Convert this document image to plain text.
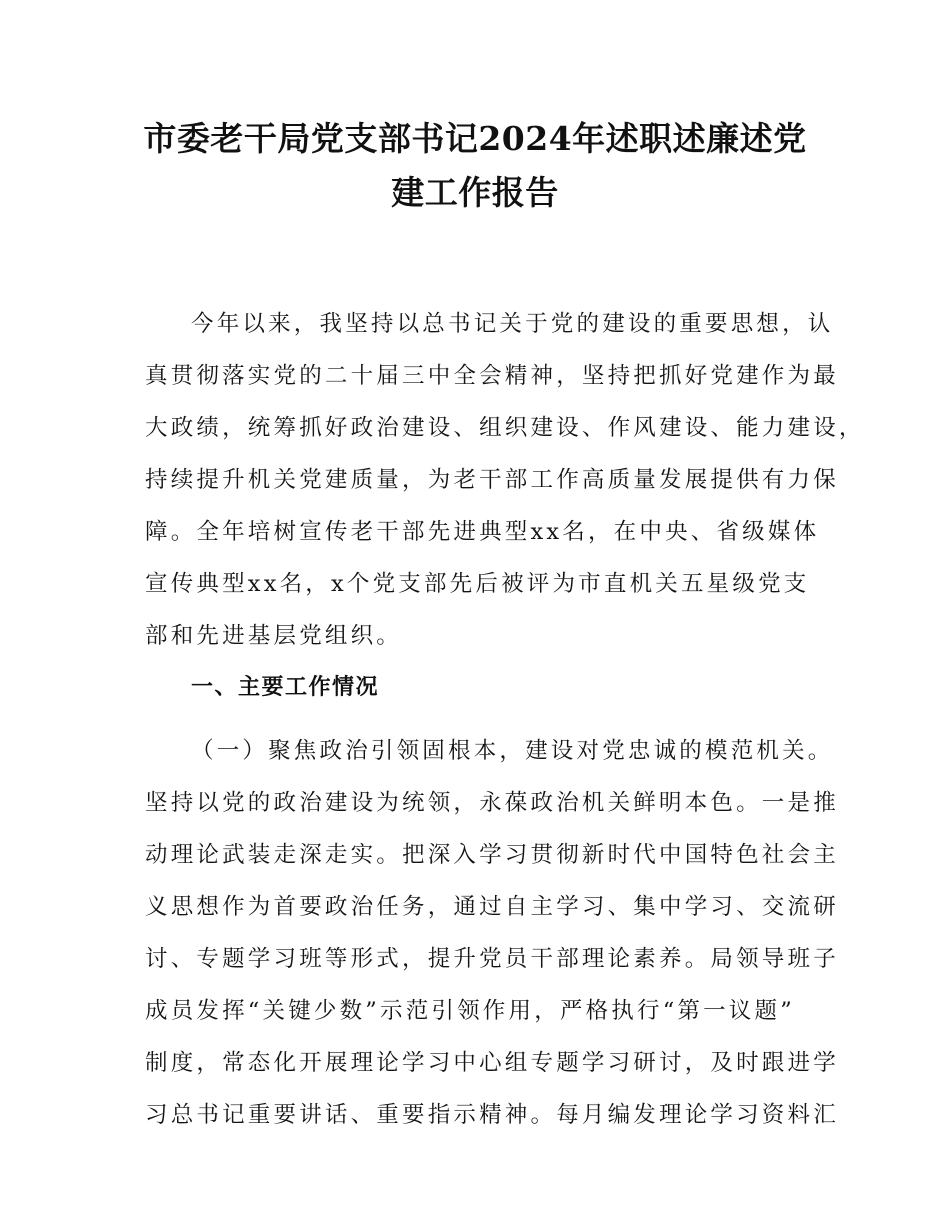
市委老干局党支部书记2024年述职述廉述党
建工作报告
今年以来，我坚持以总书记关于党的建设的重要思想，认
真贯彻落实党的二十届三中全会精神，坚持把抓好党建作为最
大政绩，统筹抓好政治建设、组织建设、作风建设、能力建设，
持续提升机关党建质量，为老干部工作高质量发展提供有力保
障。全年培树宣传老干部先进典型xx名，在中央、省级媒体
宣传典型xx名，x个党支部先后被评为市直机关五星级党支
部和先进基层党组织。
一、主要工作情况
（一）聚焦政治引领固根本，建设对党忠诚的模范机关。
坚持以党的政治建设为统领，永葆政治机关鲜明本色。一是推
动理论武装走深走实。把深入学习贯彻新时代中国特色社会主
义思想作为首要政治任务，通过自主学习、集中学习、交流研
讨、专题学习班等形式，提升党员干部理论素养。局领导班子
成员发挥“关键少数”示范引领作用，严格执行“第一议题”
制度，常态化开展理论学习中心组专题学习研讨，及时跟进学
习总书记重要讲话、重要指示精神。每月编发理论学习资料汇
